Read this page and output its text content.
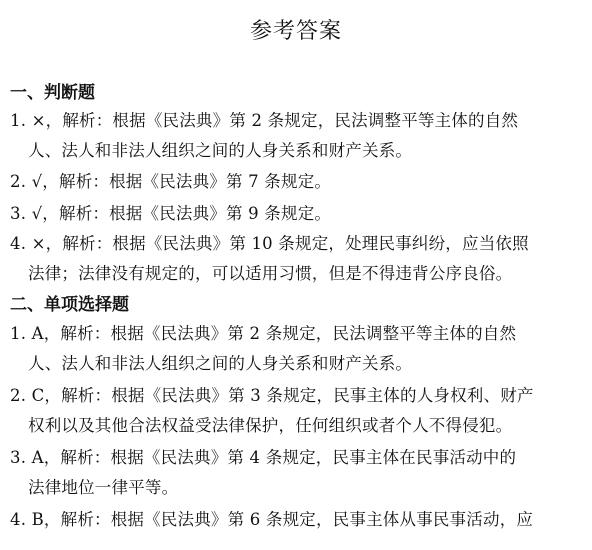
参考答案
一、判断题
1. ×，解析：根据《民法典》第 2 条规定，民法调整平等主体的自然
人、法人和非法人组织之间的人身关系和财产关系。
2. √，解析：根据《民法典》第 7 条规定。
3. √，解析：根据《民法典》第 9 条规定。
4. ×，解析：根据《民法典》第 10 条规定，处理民事纠纷，应当依照
法律；法律没有规定的，可以适用习惯，但是不得违背公序良俗。
二、单项选择题
1. A，解析：根据《民法典》第 2 条规定，民法调整平等主体的自然
人、法人和非法人组织之间的人身关系和财产关系。
2. C，解析：根据《民法典》第 3 条规定，民事主体的人身权利、财产
权利以及其他合法权益受法律保护，任何组织或者个人不得侵犯。
3. A，解析：根据《民法典》第 4 条规定，民事主体在民事活动中的
法律地位一律平等。
4. B，解析：根据《民法典》第 6 条规定，民事主体从事民事活动，应
